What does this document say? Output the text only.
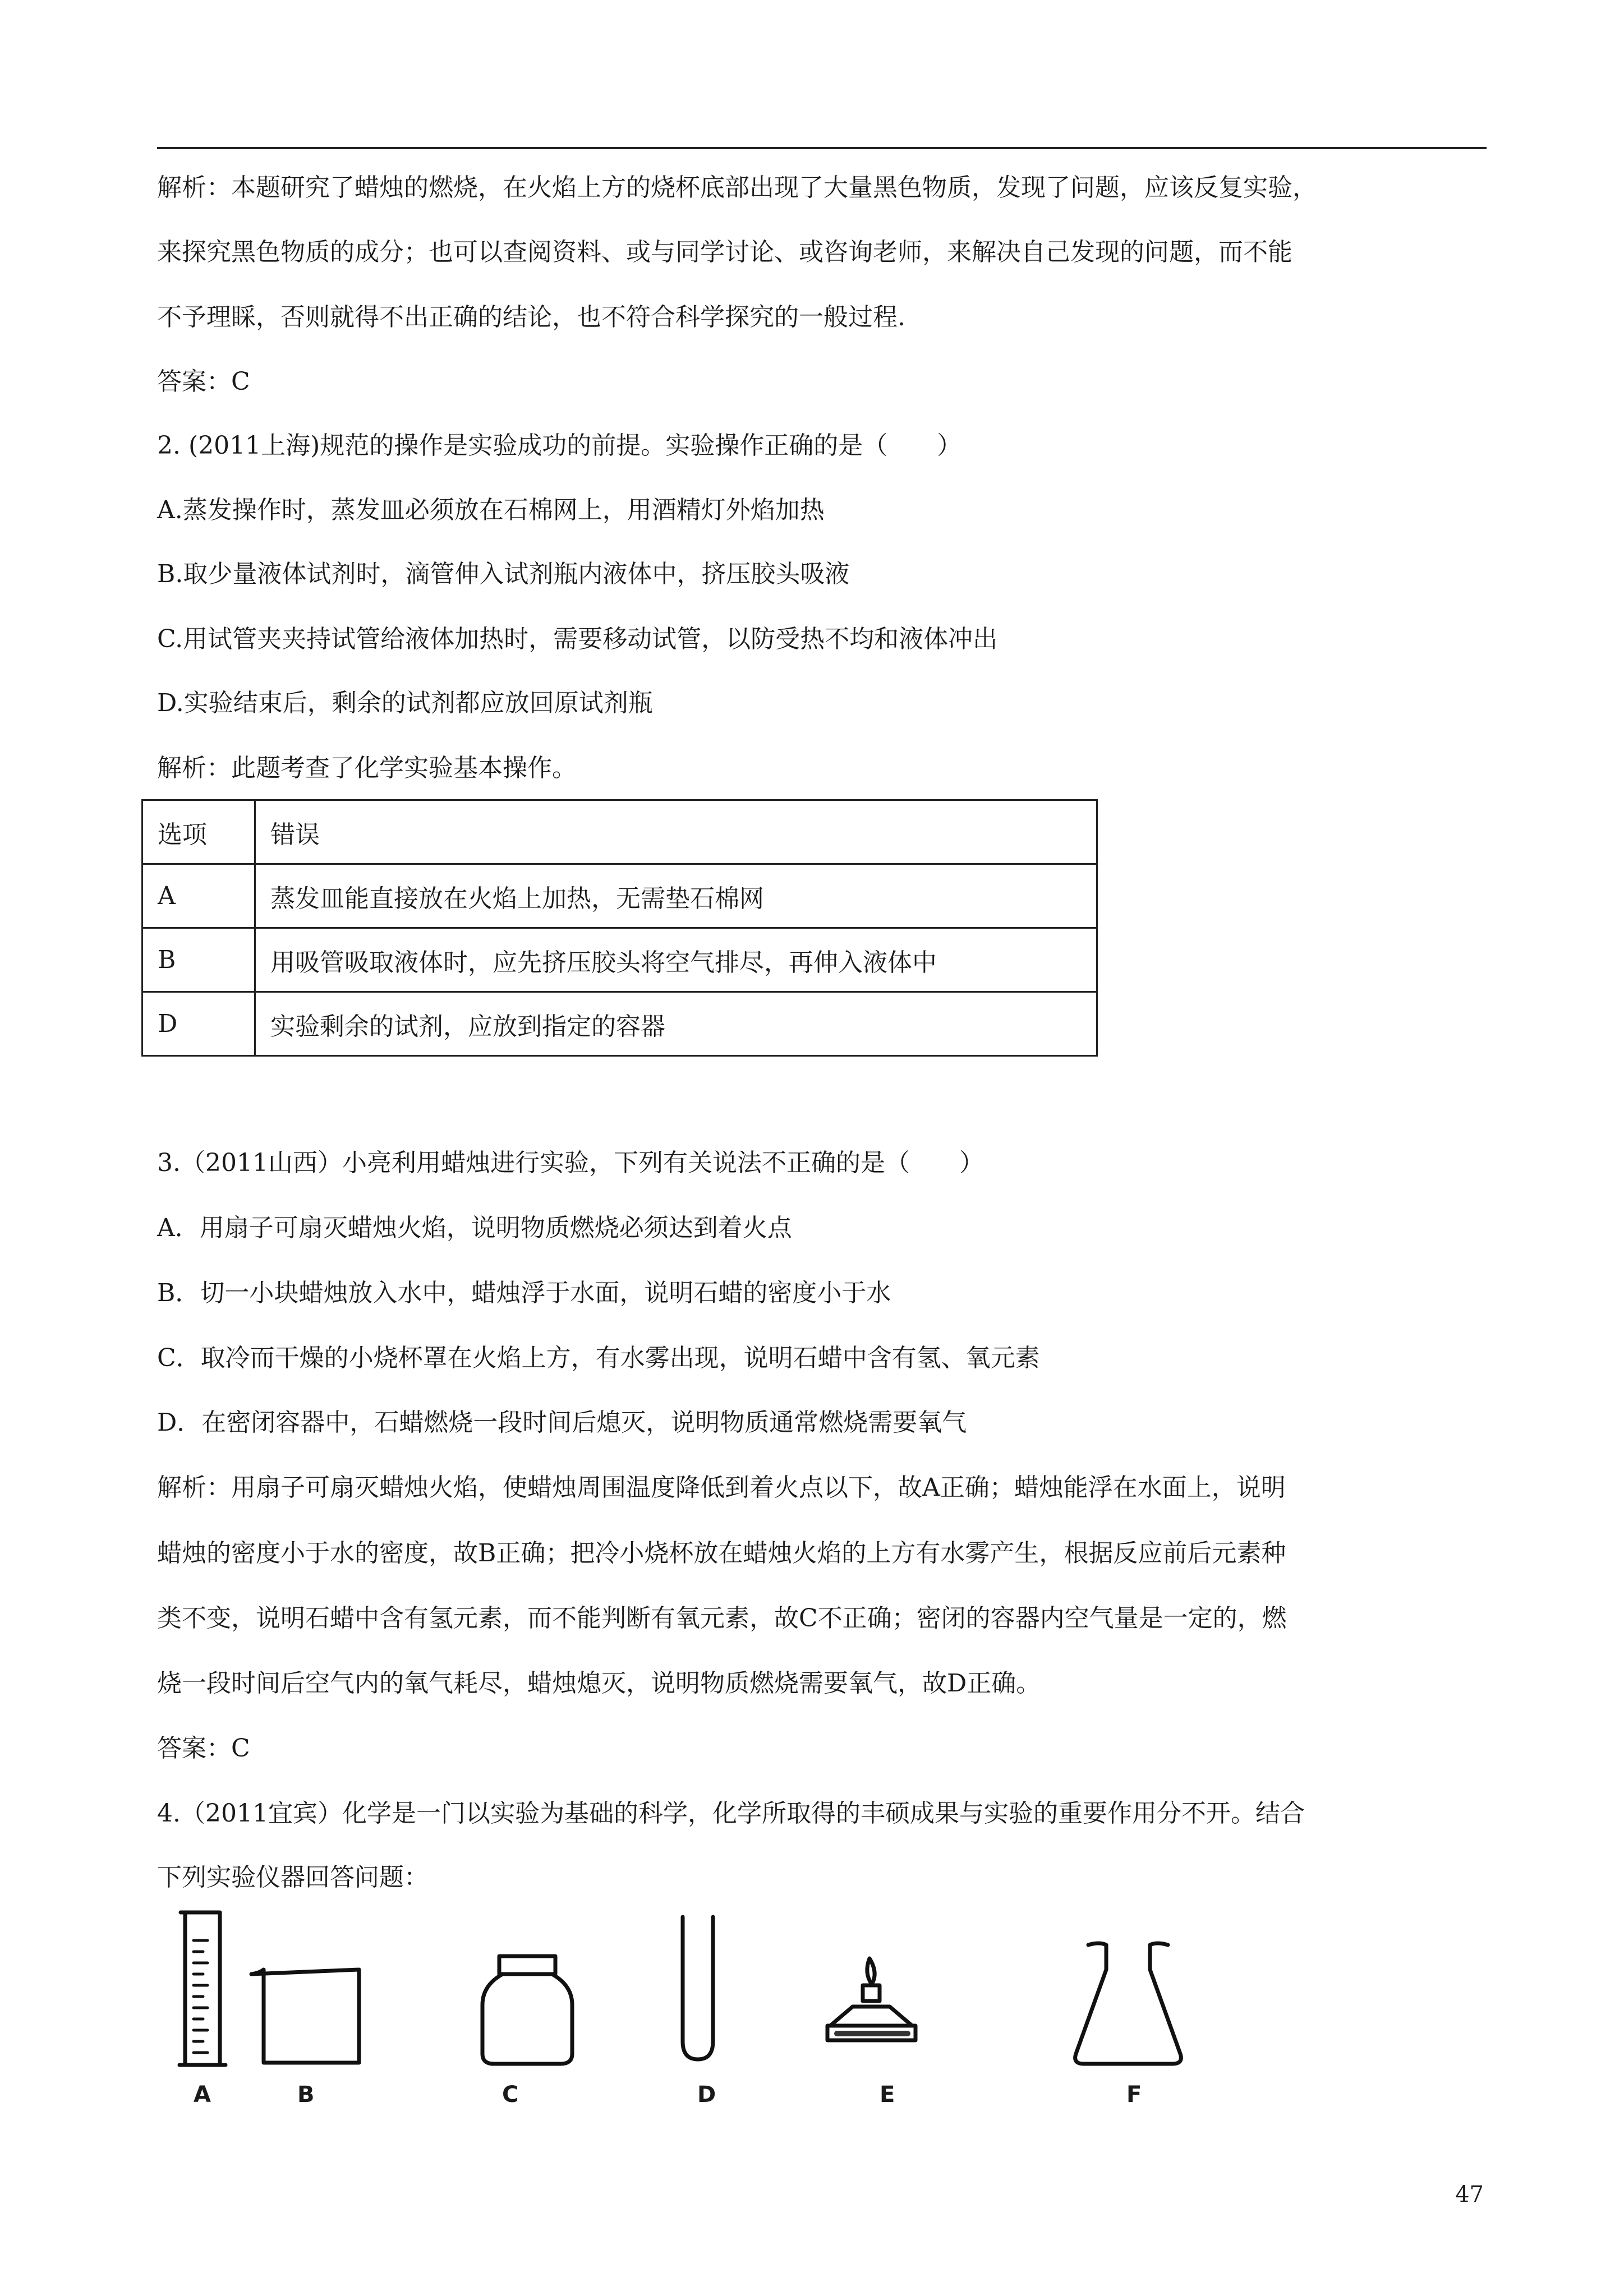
解析：本题研究了蜡烛的燃烧，在火焰上方的烧杯底部出现了大量黑色物质，发现了问题，应该反复实验，
来探究黑色物质的成分；也可以查阅资料、或与同学讨论、或咨询老师，来解决自己发现的问题，而不能
不予理睬，否则就得不出正确的结论，也不符合科学探究的一般过程.
答案：C
2. (2011上海)规范的操作是实验成功的前提。实验操作正确的是（　　）
A.蒸发操作时，蒸发皿必须放在石棉网上，用酒精灯外焰加热
B.取少量液体试剂时，滴管伸入试剂瓶内液体中，挤压胶头吸液
C.用试管夹夹持试管给液体加热时，需要移动试管，以防受热不均和液体冲出
D.实验结束后，剩余的试剂都应放回原试剂瓶
解析：此题考查了化学实验基本操作。
选项	错误
A	蒸发皿能直接放在火焰上加热，无需垫石棉网
B	用吸管吸取液体时，应先挤压胶头将空气排尽，再伸入液体中
D	实验剩余的试剂，应放到指定的容器
3.（2011山西）小亮利用蜡烛进行实验，下列有关说法不正确的是（　　）
A．用扇子可扇灭蜡烛火焰，说明物质燃烧必须达到着火点
B．切一小块蜡烛放入水中，蜡烛浮于水面，说明石蜡的密度小于水
C．取冷而干燥的小烧杯罩在火焰上方，有水雾出现，说明石蜡中含有氢、氧元素
D．在密闭容器中，石蜡燃烧一段时间后熄灭，说明物质通常燃烧需要氧气
解析：用扇子可扇灭蜡烛火焰，使蜡烛周围温度降低到着火点以下，故A正确；蜡烛能浮在水面上，说明
蜡烛的密度小于水的密度，故B正确；把冷小烧杯放在蜡烛火焰的上方有水雾产生，根据反应前后元素种
类不变，说明石蜡中含有氢元素，而不能判断有氧元素，故C不正确；密闭的容器内空气量是一定的，燃
烧一段时间后空气内的氧气耗尽，蜡烛熄灭，说明物质燃烧需要氧气，故D正确。
答案：C
4.（2011宜宾）化学是一门以实验为基础的科学，化学所取得的丰硕成果与实验的重要作用分不开。结合
下列实验仪器回答问题：
A	B	C	D	E	F
47
